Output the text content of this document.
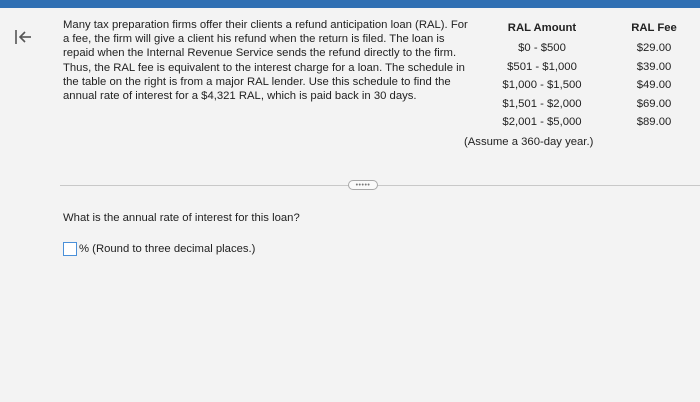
Many tax preparation firms offer their clients a refund anticipation loan (RAL). For a fee, the firm will give a client his refund when the return is filed. The loan is repaid when the Internal Revenue Service sends the refund directly to the firm. Thus, the RAL fee is equivalent to the interest charge for a loan. The schedule in the table on the right is from a major RAL lender. Use this schedule to find the annual rate of interest for a $4,321 RAL, which is paid back in 30 days.
RAL Amount
$0 - $500
$501 - $1,000
$1,000 - $1,500
$1,501 - $2,000
$2,001 - $5,000
RAL Fee
$29.00
$39.00
$49.00
$69.00
$89.00
(Assume a 360-day year.)
•••••
What is the annual rate of interest for this loan?
% (Round to three decimal places.)
